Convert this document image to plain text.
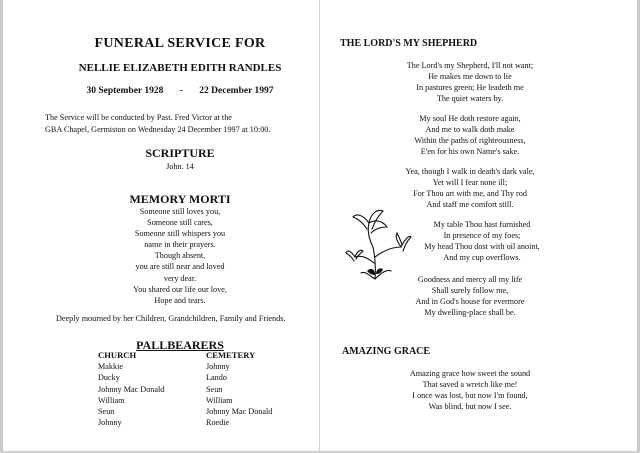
FUNERAL SERVICE FOR
NELLIE ELIZABETH EDITH RANDLES
30 September 1928 - 22 December 1997
The Service will be conducted by Past. Fred Victor at the
GBA Chapel, Germiston on Wednesday 24 December 1997 at 10:00.
SCRIPTURE
John. 14
MEMORY MORTI
Someone still loves you,
Someone still cares,
Someone still whispers you
name in their prayers.
Though absent,
you are still near and loved
very dear.
You shared our life our love,
Hope and tears.
Deeply mourned by her Children, Grandchildren, Family and Friends.
PALLBEARERS
CHURCH
Makkie
Ducky
Johnny Mac Donald
William
Seun
Johnny
CEMETERY
Johnny
Lando
Seun
William
Johnny Mac Donald
Roedie
THE LORD'S MY SHEPHERD
The Lord's my Shepherd, I'll not want;
He makes me down to lie
In pastures green; He leadeth me
The quiet waters by.
My soul He doth restore again,
And me to walk doth make
Within the paths of righteousness,
E'en for his own Name's sake.
Yea, though I walk in death's dark vale,
Yet will I fear none ill;
For Thou art with me, and Thy rod
And staff me comfort still.
My table Thou hast furnished
In presence of my foes;
My head Thou dost with oil anoint,
And my cup overflows.
Goodness and mercy all my life
Shall surely follow me,
And in God's house for evermore
My dwelling-place shall be.
AMAZING GRACE
Amazing grace how sweet the sound
That saved a wretch like me!
I once was lost, but now I'm found,
Was blind, but now I see.
